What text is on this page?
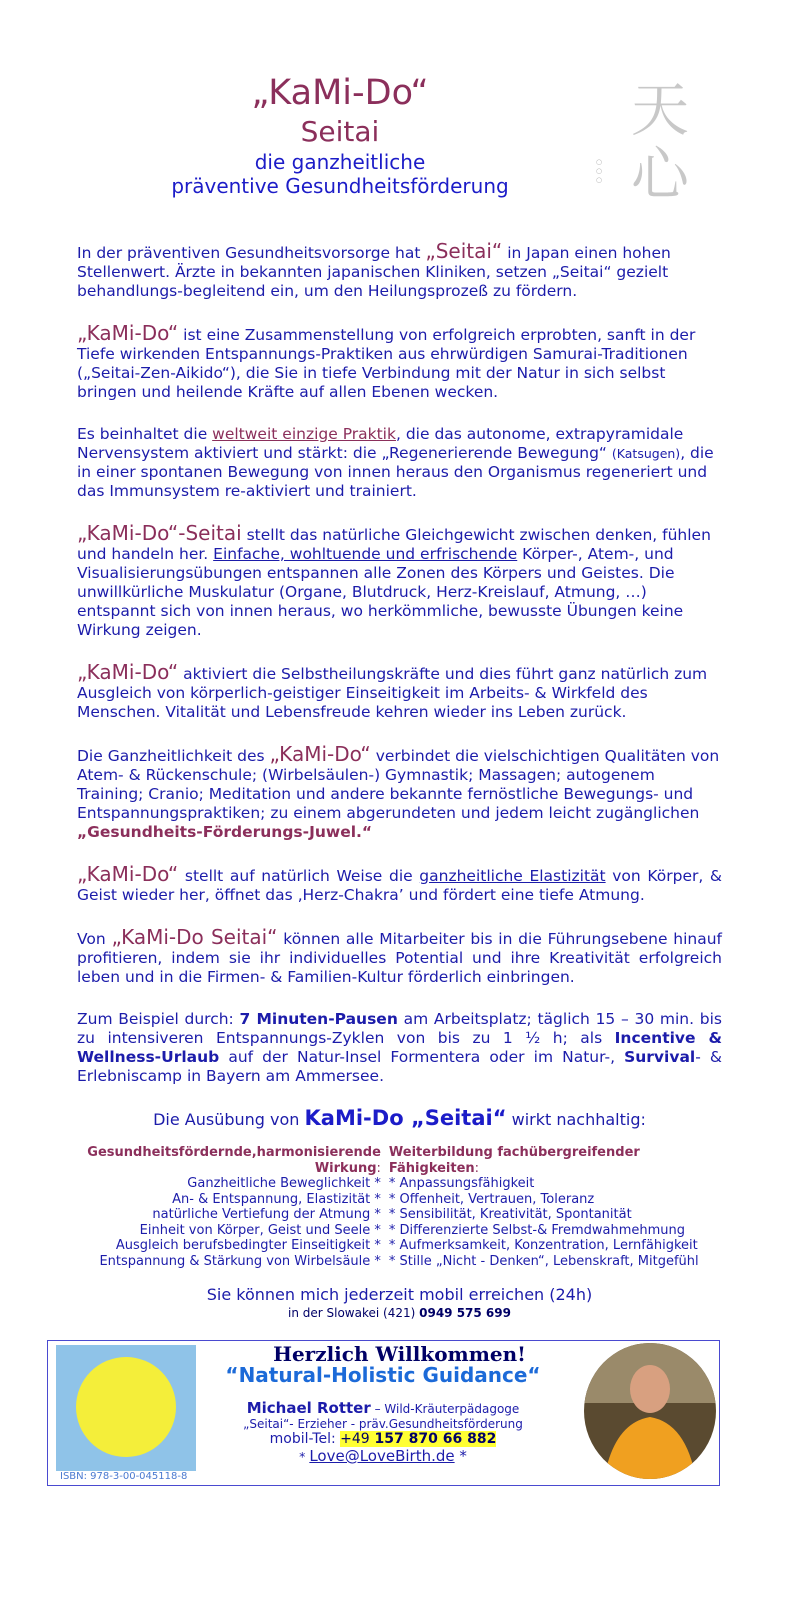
„KaMi-Do“
Seitai
die ganzheitliche
präventive Gesundheitsförderung
天
心
○
○
○

In der präventiven Gesundheitsvorsorge hat „Seitai“ in Japan einen hohen Stellenwert. Ärzte in bekannten japanischen Kliniken, setzen „Seitai“ gezielt behandlungs-begleitend ein, um den Heilungsprozeß zu fördern.

„KaMi-Do“ ist eine Zusammenstellung von erfolgreich erprobten, sanft in der Tiefe wirkenden Entspannungs-Praktiken aus ehrwürdigen Samurai-Traditionen („Seitai-Zen-Aikido“), die Sie in tiefe Verbindung mit der Natur in sich selbst bringen und heilende Kräfte auf allen Ebenen wecken.

Es beinhaltet die weltweit einzige Praktik, die das autonome, extrapyramidale Nervensystem aktiviert und stärkt: die „Regenerierende Bewegung“ (Katsugen), die in einer spontanen Bewegung von innen heraus den Organismus regeneriert und das Immunsystem re-aktiviert und trainiert.

„KaMi-Do“-Seitai stellt das natürliche Gleichgewicht zwischen denken, fühlen und handeln her. Einfache, wohltuende und erfrischende Körper-, Atem-, und Visualisierungsübungen entspannen alle Zonen des Körpers und Geistes. Die unwillkürliche Muskulatur (Organe, Blutdruck, Herz-Kreislauf, Atmung, …) entspannt sich von innen heraus, wo herkömmliche, bewusste Übungen keine Wirkung zeigen.

„KaMi-Do“ aktiviert die Selbstheilungskräfte und dies führt ganz natürlich zum Ausgleich von körperlich-geistiger Einseitigkeit im Arbeits- & Wirkfeld des Menschen. Vitalität und Lebensfreude kehren wieder ins Leben zurück.

Die Ganzheitlichkeit des „KaMi-Do“ verbindet die vielschichtigen Qualitäten von Atem- & Rückenschule; (Wirbelsäulen-) Gymnastik; Massagen; autogenem Training; Cranio; Meditation und andere bekannte fernöstliche Bewegungs- und Entspannungspraktiken; zu einem abgerundeten und jedem leicht zugänglichen „Gesundheits-Förderungs-Juwel.“

„KaMi-Do“ stellt auf natürlich Weise die ganzheitliche Elastizität von Körper, & Geist wieder her, öffnet das ‚Herz-Chakra’ und fördert eine tiefe Atmung.

Von „KaMi-Do Seitai“ können alle Mitarbeiter bis in die Führungsebene hinauf profitieren, indem sie ihr individuelles Potential und ihre Kreativität erfolgreich leben und in die Firmen- & Familien-Kultur förderlich einbringen.

Zum Beispiel durch: 7 Minuten-Pausen am Arbeitsplatz; täglich 15 – 30 min. bis zu intensiveren Entspannungs-Zyklen von bis zu 1 ½ h; als Incentive & Wellness-Urlaub auf der Natur-Insel Formentera oder im Natur-, Survival- & Erlebniscamp in Bayern am Ammersee.

Die Ausübung von KaMi-Do „Seitai“ wirkt nachhaltig:
Gesundheitsfördernde,harmonisierende Wirkung:
Ganzheitliche Beweglichkeit *
An- & Entspannung, Elastizität *
natürliche Vertiefung der Atmung *
Einheit von Körper, Geist und Seele *
Ausgleich berufsbedingter Einseitigkeit *
Entspannung & Stärkung von Wirbelsäule *
Weiterbildung fachübergreifender Fähigkeiten:
* Anpassungsfähigkeit
* Offenheit, Vertrauen, Toleranz
* Sensibilität, Kreativität, Spontanität
* Differenzierte Selbst-& Fremdwahmehmung
* Aufmerksamkeit, Konzentration, Lernfähigkeit
* Stille „Nicht - Denken“, Lebenskraft, Mitgefühl
Sie können mich jederzeit mobil erreichen (24h)
in der Slowakei (421) 0949 575 699
Herzlich Willkommen!
ISBN: 978-3-00-045118-8
“Natural-Holistic Guidance“
Michael Rotter – Wild-Kräuterpädagoge
„Seitai“- Erzieher - präv.Gesundheitsförderung
mobil-Tel: +49 157 870 66 882
* Love@LoveBirth.de *
